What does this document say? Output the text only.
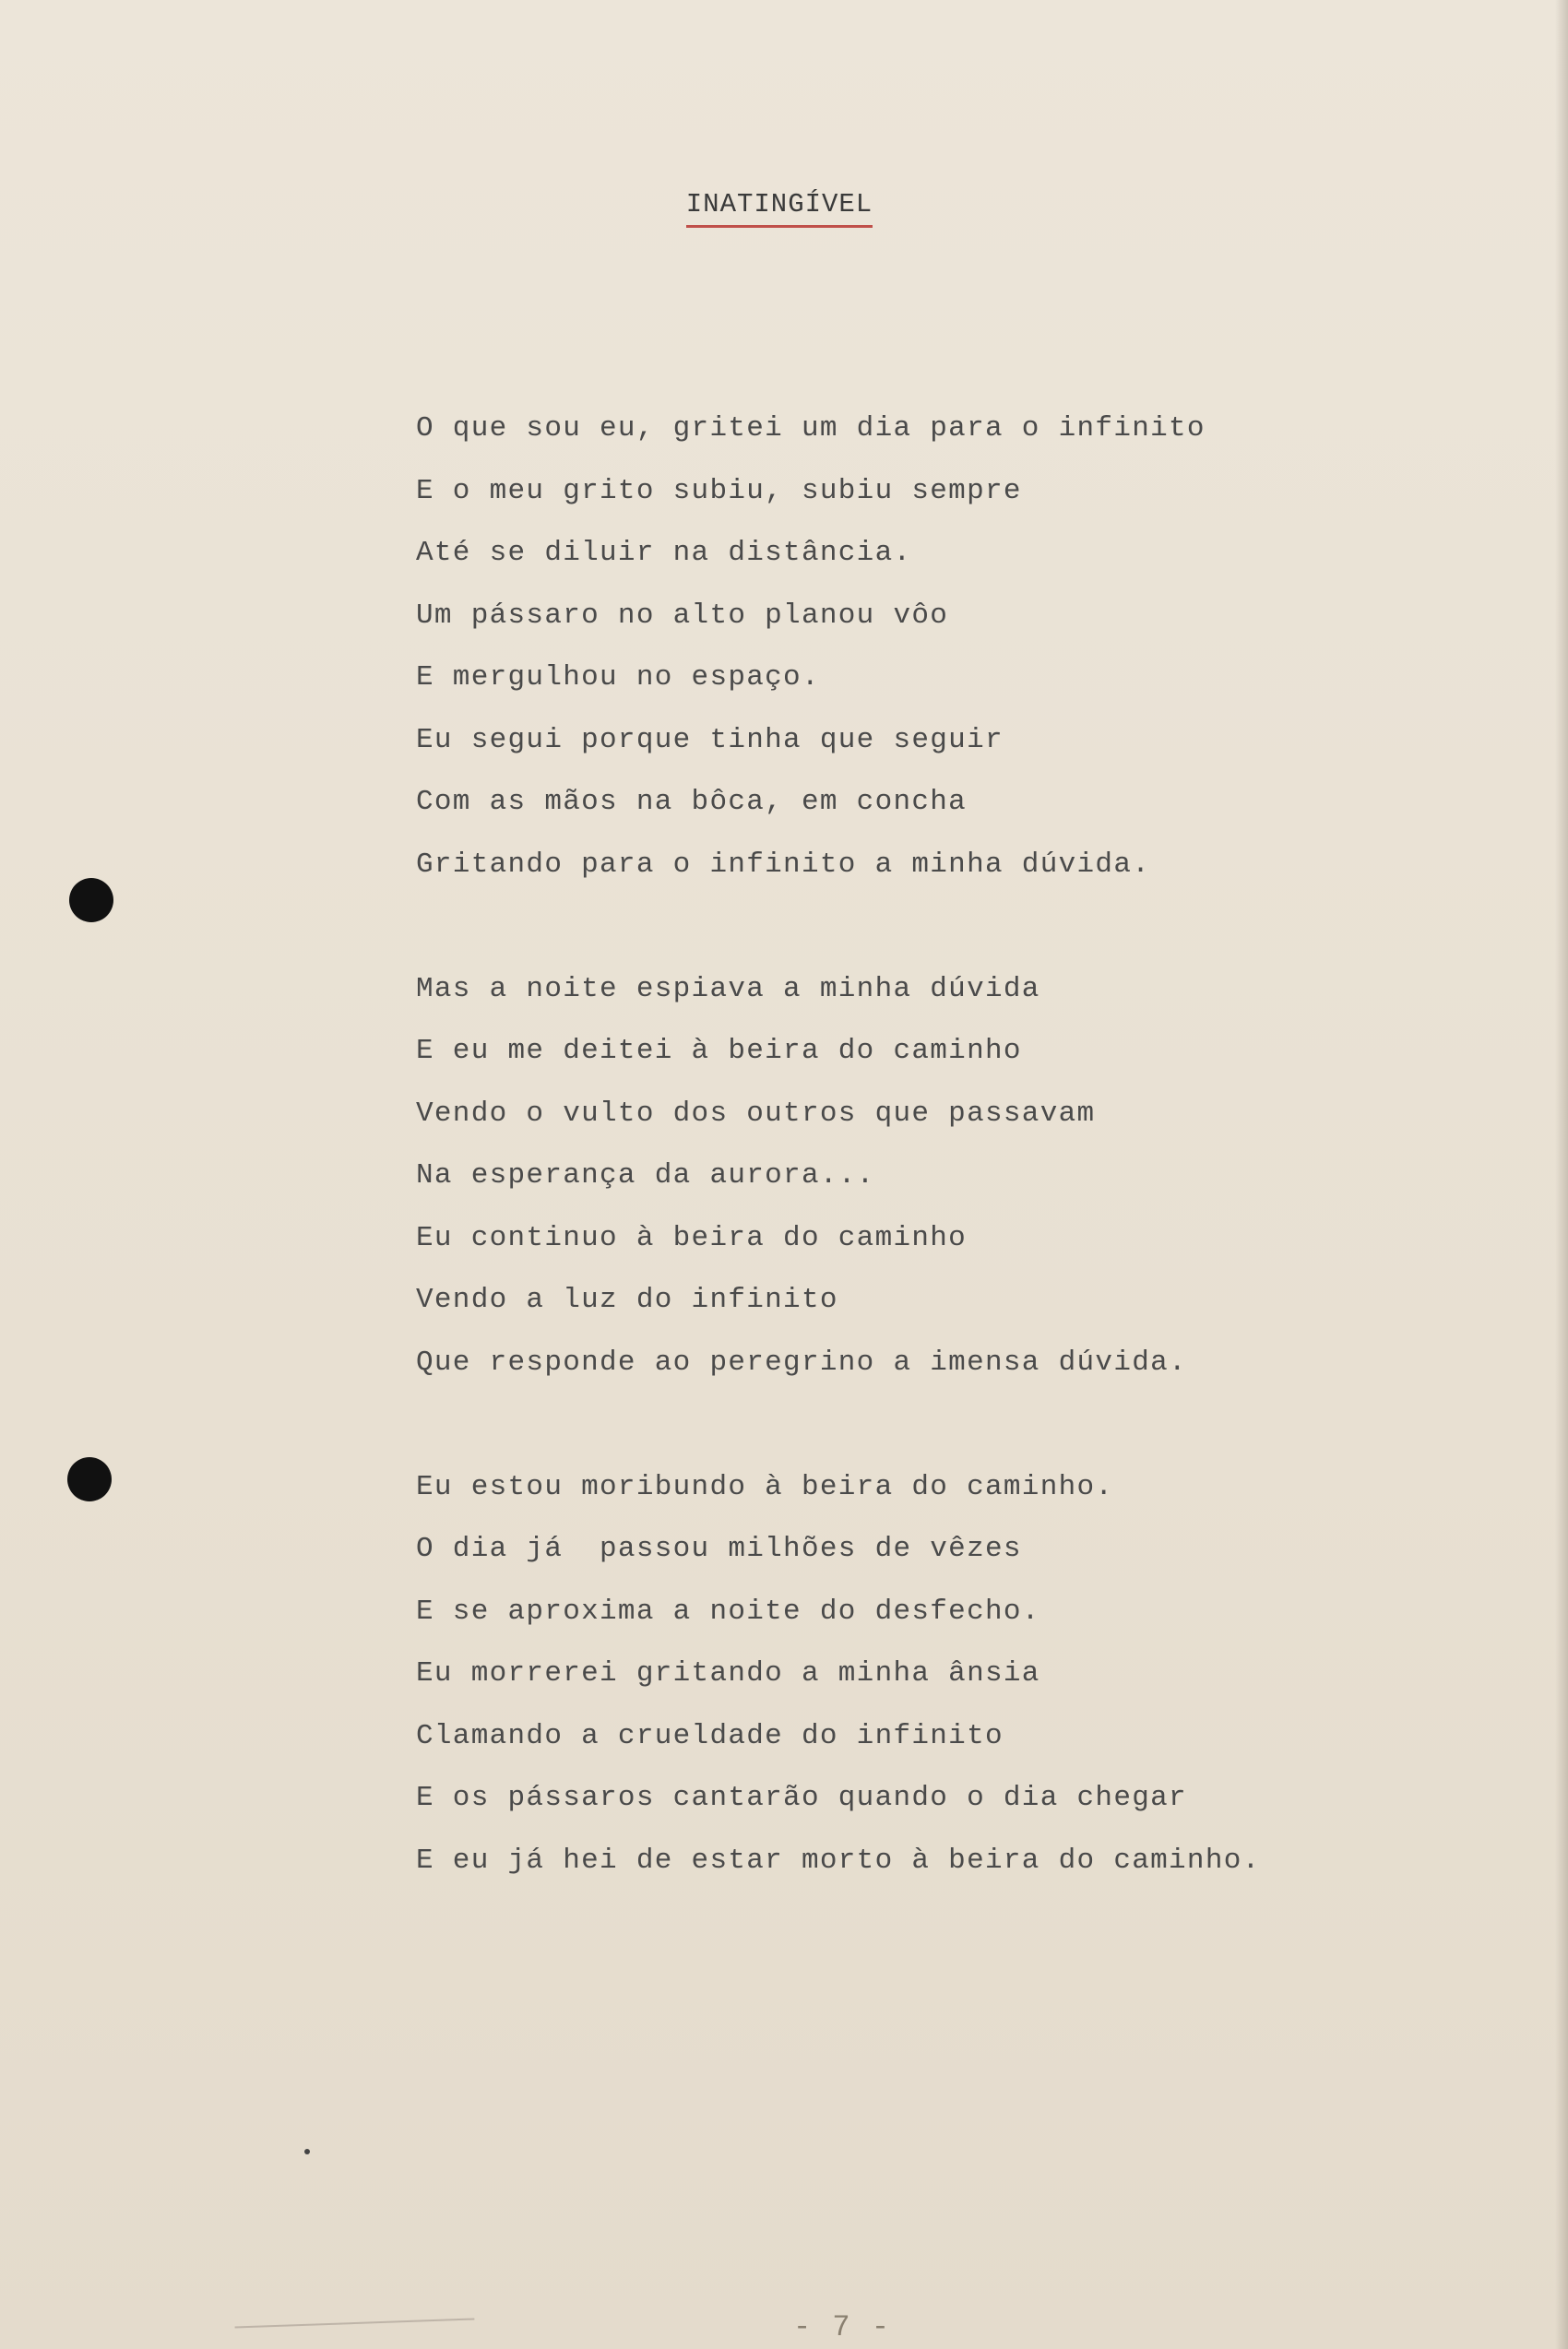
INATINGÍVEL
O que sou eu, gritei um dia para o infinito
E o meu grito subiu, subiu sempre
Até se diluir na distância.
Um pássaro no alto planou vôo
E mergulhou no espaço.
Eu segui porque tinha que seguir
Com as mãos na bôca, em concha
Gritando para o infinito a minha dúvida.
Mas a noite espiava a minha dúvida
E eu me deitei à beira do caminho
Vendo o vulto dos outros que passavam
Na esperança da aurora...
Eu continuo à beira do caminho
Vendo a luz do infinito
Que responde ao peregrino a imensa dúvida.
Eu estou moribundo à beira do caminho.
O dia já  passou milhões de vêzes
E se aproxima a noite do desfecho.
Eu morrerei gritando a minha ânsia
Clamando a crueldade do infinito
E os pássaros cantarão quando o dia chegar
E eu já hei de estar morto à beira do caminho.
- 7 -
